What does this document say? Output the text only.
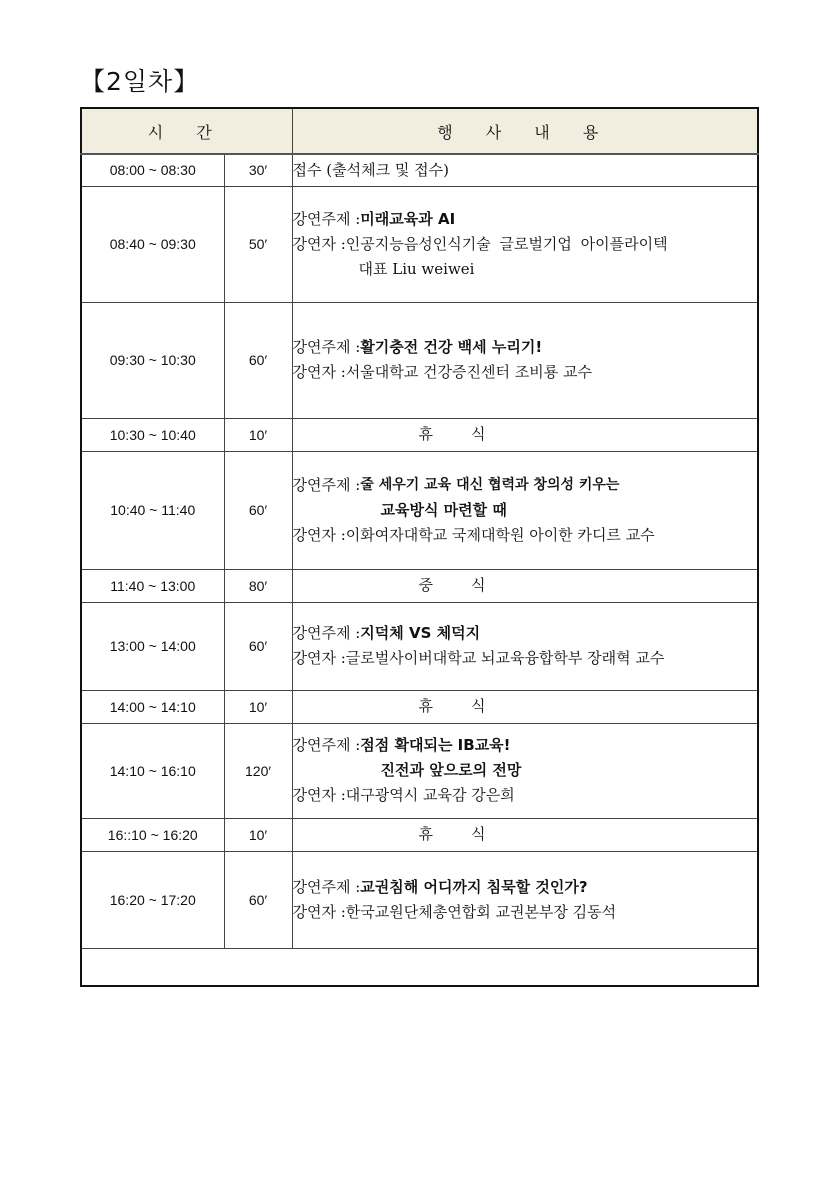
【2일차】
시 간		행 사 내 용
08:00 ~ 08:30	30′	접수 (출석체크 및 접수)
08:40 ~ 09:30	50′	강연주제 : 미래교육과 AI
강연자 : 인공지능음성인식기술 글로벌기업 아이플라이텍
대표 Liu weiwei

09:30 ~ 10:30	60′	강연주제 : 활기충전 건강 백세 누리기!
강연자 : 서울대학교 건강증진센터 조비룡 교수

10:30 ~ 10:40	10′	휴식
10:40 ~ 11:40	60′	강연주제 : 줄 세우기 교육 대신 협력과 창의성 키우는
교육방식 마련할 때
강연자 : 이화여자대학교 국제대학원 아이한 카디르 교수

11:40 ~ 13:00	80′	중식
13:00 ~ 14:00	60′	강연주제 : 지덕체 VS 체덕지
강연자 : 글로벌사이버대학교 뇌교육융합학부 장래혁 교수

14:00 ~ 14:10	10′	휴식
14:10 ~ 16:10	120′	강연주제 : 점점 확대되는 IB교육!
진전과 앞으로의 전망
강연자 : 대구광역시 교육감 강은희

16::10 ~ 16:20	10′	휴식
16:20 ~ 17:20	60′	강연주제 : 교권침해 어디까지 침묵할 것인가?
강연자 : 한국교원단체총연합회 교권본부장 김동석
